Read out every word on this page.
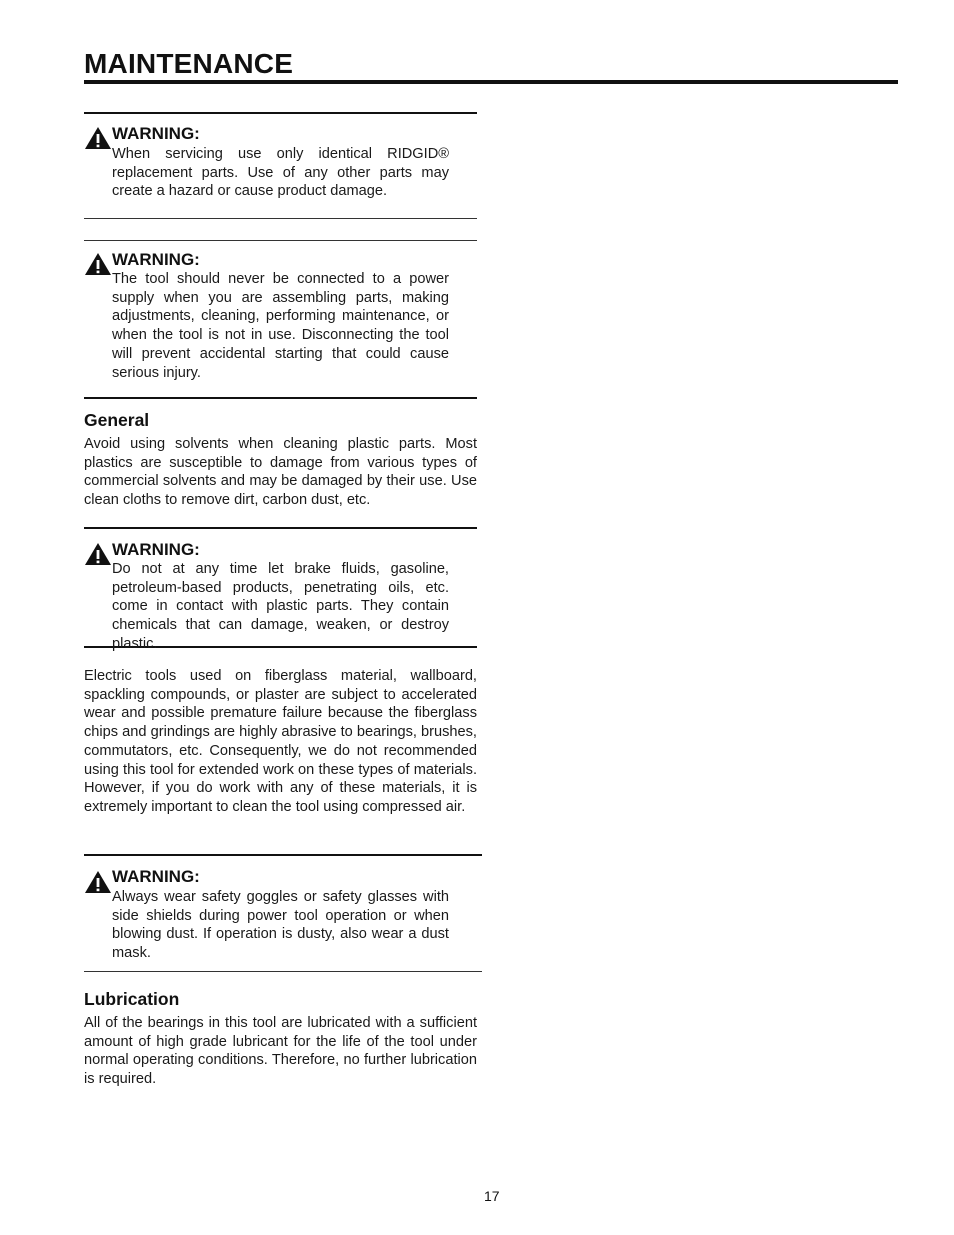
MAINTENANCE

WARNING:

When servicing use only identical RIDGID® replacement parts. Use of any other parts may create a hazard or cause product damage.

WARNING:

The tool should never be connected to a power supply when you are assembling parts, making adjustments, cleaning, performing maintenance, or when the tool is not in use. Disconnecting the tool will prevent accidental starting that could cause serious injury.

General

Avoid using solvents when cleaning plastic parts. Most plastics are susceptible to damage from various types of commercial solvents and may be damaged by their use. Use clean cloths to remove dirt, carbon dust, etc.

WARNING:

Do not at any time let brake fluids, gasoline, petroleum-based products, penetrating oils, etc. come in contact with plastic parts. They contain chemicals that can damage, weaken, or destroy plastic.

Electric tools used on fiberglass material, wallboard, spackling compounds, or plaster are subject to accelerated wear and possible premature failure because the fiberglass chips and grindings are highly abrasive to bearings, brushes, commutators, etc. Consequently, we do not recommended using this tool for extended work on these types of materials. However, if you do work with any of these materials, it is extremely important to clean the tool using compressed air.

WARNING:

Always wear safety goggles or safety glasses with side shields during power tool operation or when blowing dust. If operation is dusty, also wear a dust mask.

Lubrication

All of the bearings in this tool are lubricated with a sufficient amount of high grade lubricant for the life of the tool under normal operating conditions. Therefore, no further lubrication is required.

17
